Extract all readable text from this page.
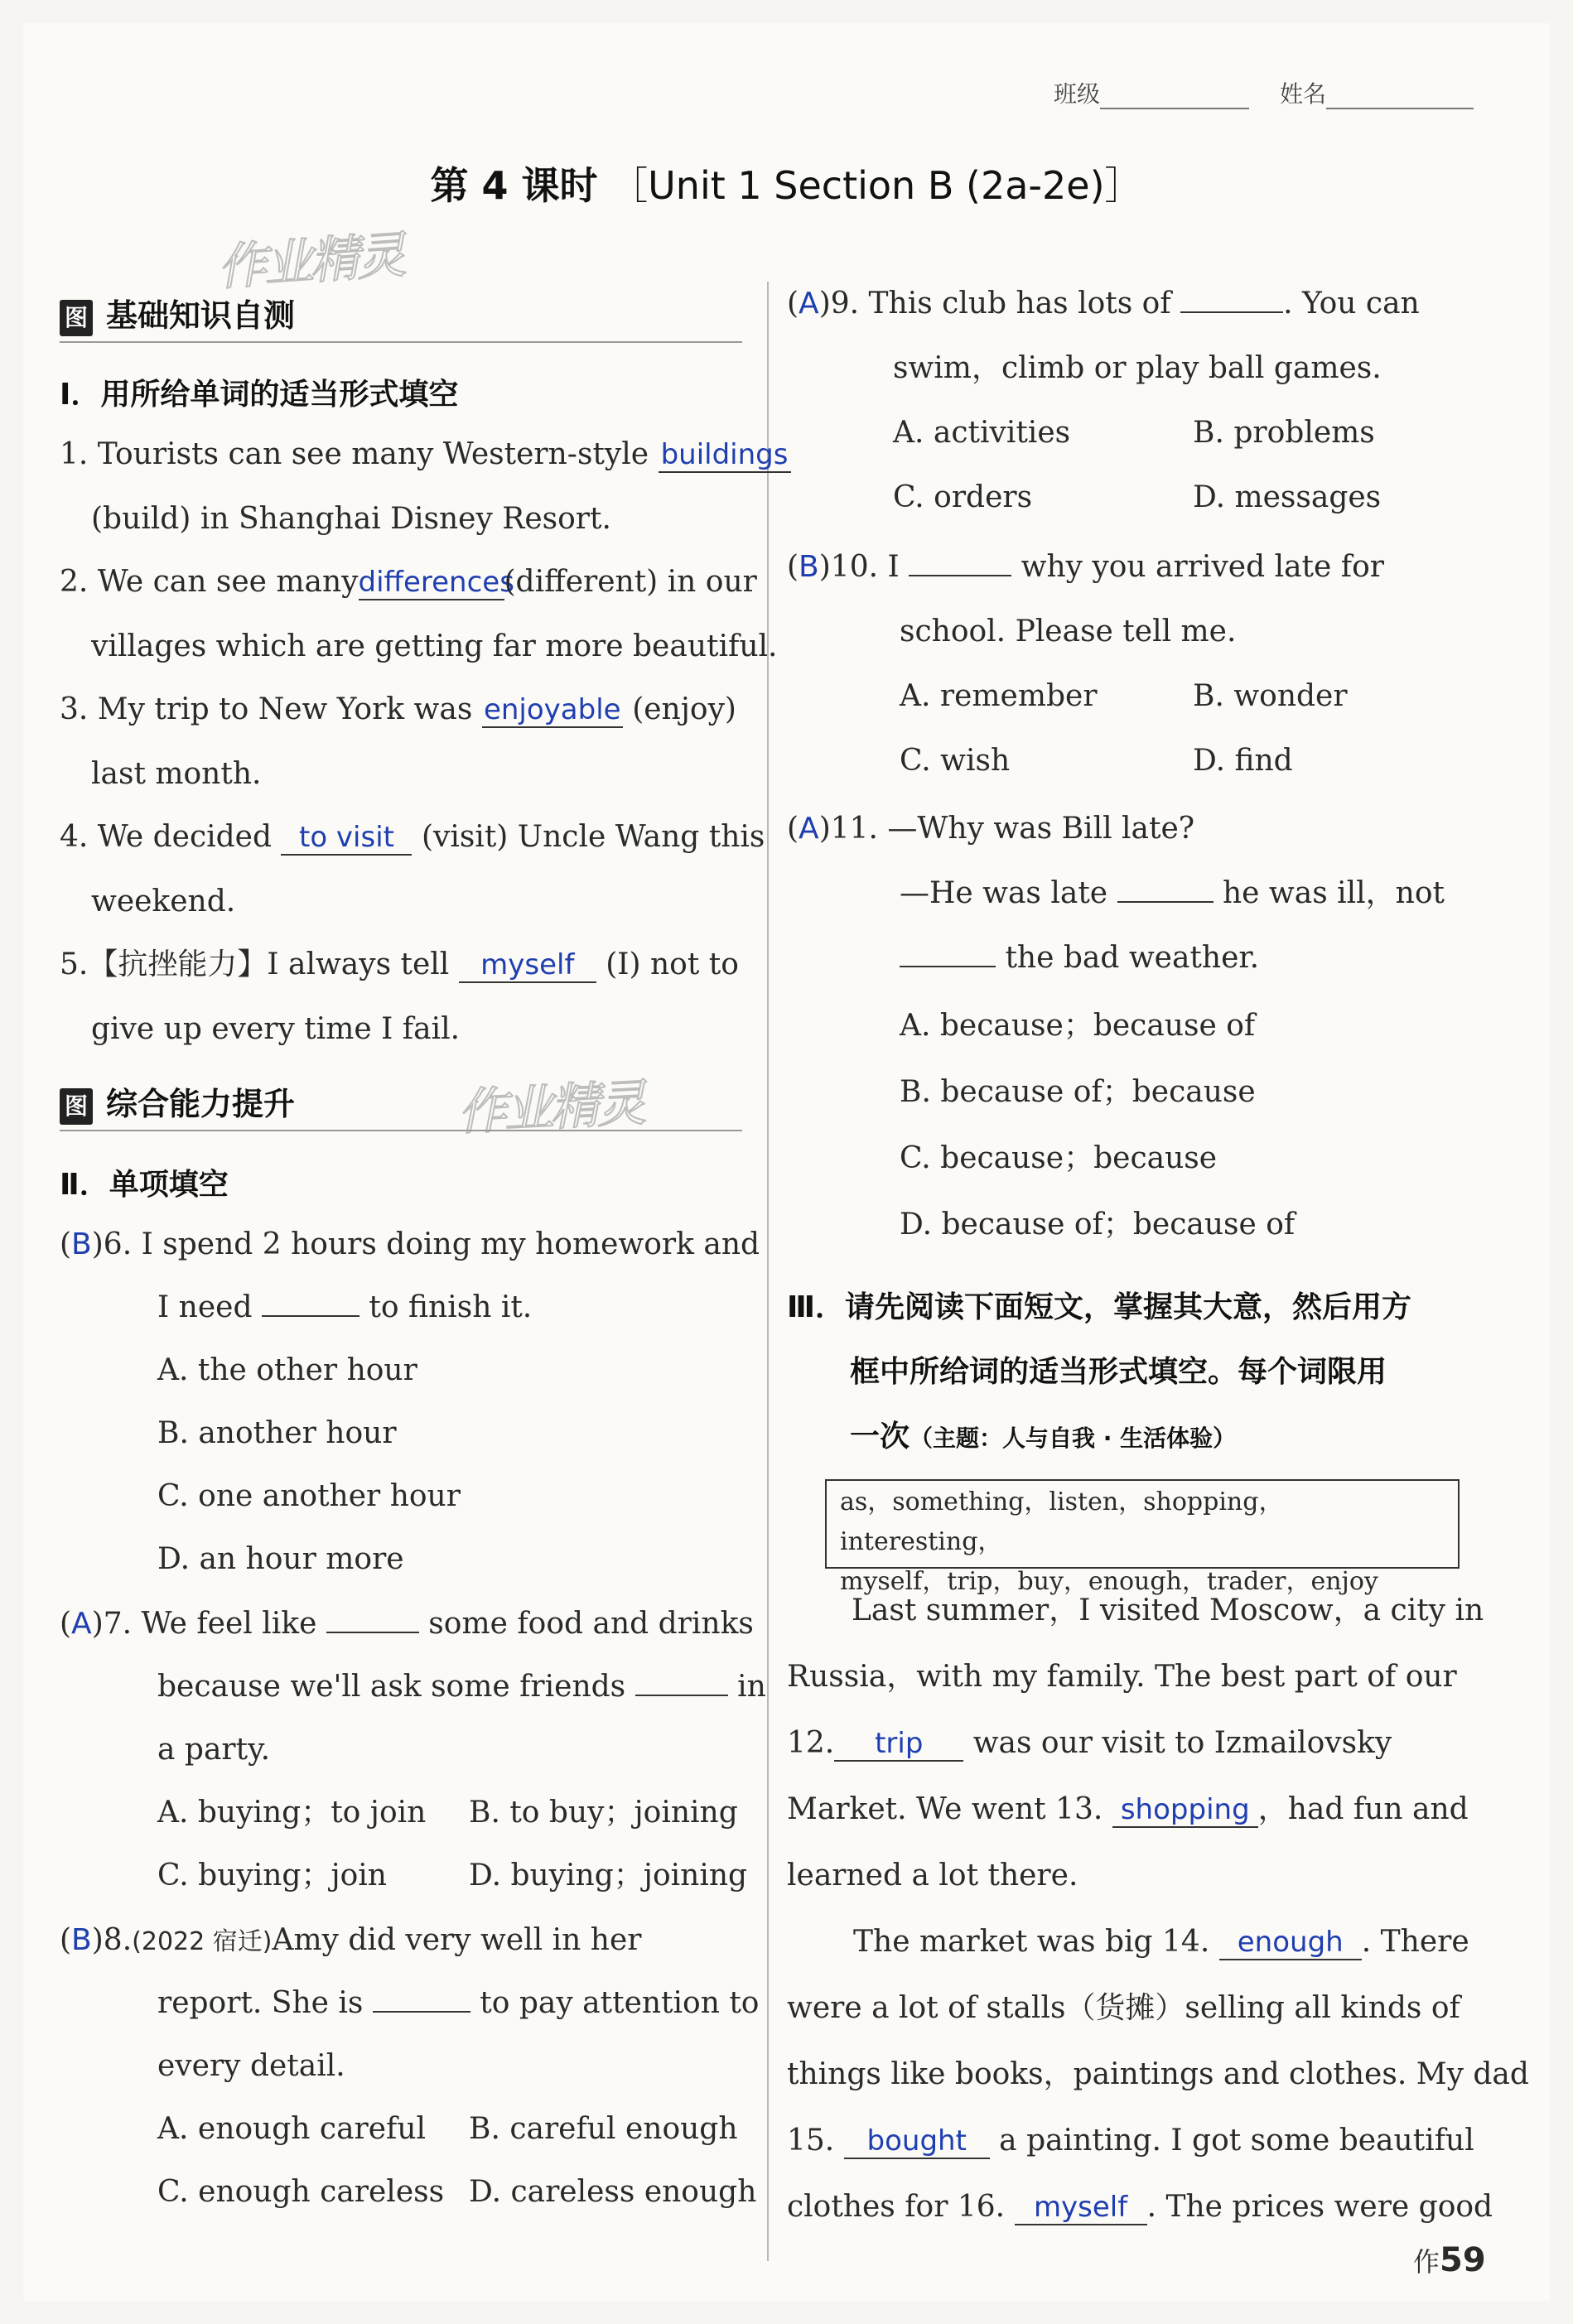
班级	姓名
第 4 课时 ［Unit 1 Section B (2a-2e)］
作业精灵
作业精灵
图 基础知识自测
Ⅰ．用所给单词的适当形式填空
1. Tourists can see many Western-style buildings
(build) in Shanghai Disney Resort.
2. We can see manydifferences(different) in our
villages which are getting far more beautiful.
3. My trip to New York was enjoyable (enjoy)
last month.
4. We decided to visit (visit) Uncle Wang this
weekend.
5.【抗挫能力】I always tell myself (I) not to
give up every time I fail.
图 综合能力提升
Ⅱ．单项填空
(B)6. I spend 2 hours doing my homework and
I need	to finish it.
A. the other hour
B. another hour
C. one another hour
D. an hour more
(A)7. We feel like	some food and drinks
because we'll ask some friends	in
a party.
A. buying；to join B. to buy；joining
C. buying；join	D. buying；joining
(B)8.(2022 宿迁)Amy did very well in her
report. She is	to pay attention to
every detail.
A. enough careful B. careful enough
C. enough careless D. careless enough
(A)9. This club has lots of	. You can
swim，climb or play ball games.
A. activities	B. problems
C. orders	D. messages
(B)10. I	why you arrived late for
school. Please tell me.
A. remember	B. wonder
C. wish	D. find
(A)11. —Why was Bill late?
—He was late	he was ill，not
the bad weather.
A. because；because of
B. because of；because
C. because；because
D. because of；because of
Ⅲ．请先阅读下面短文，掌握其大意，然后用方
框中所给词的适当形式填空。每个词限用
一次（主题：人与自我 · 生活体验）
as，something，listen，shopping，interesting，
myself，trip，buy，enough，trader，enjoy
Last summer，I visited Moscow，a city in
Russia，with my family. The best part of our
12. trip was our visit to Izmailovsky
Market. We went 13. shopping ，had fun and
learned a lot there.
The market was big 14. enough . There
were a lot of stalls（货摊）selling all kinds of
things like books，paintings and clothes. My dad
15. bought a painting. I got some beautiful
clothes for 16. myself . The prices were good
作59
